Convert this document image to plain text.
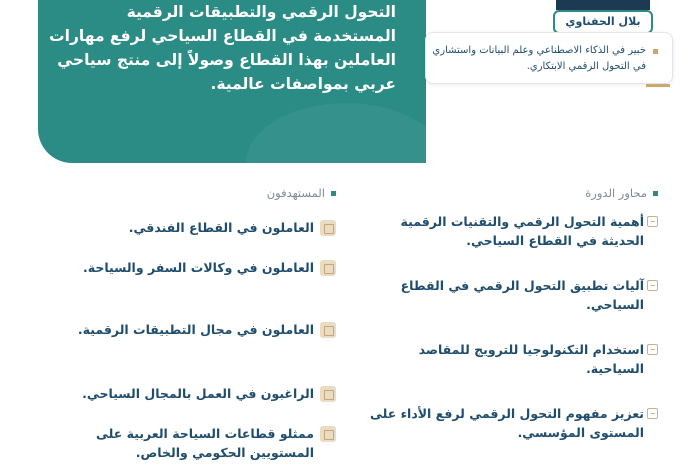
التحول الرقمي والتطبيقات الرقمية المستخدمة في القطاع السياحي لرفع مهارات العاملين بهذا القطاع وصولاً إلى منتج سياحي عربي بمواصفات عالمية.

بلال الحفناوي

خبير في الذكاء الاصطناعي وعلم البيانات واستشاري في التحول الرقمي الابتكاري.

محاور الدورة
المستهدفون
أهمية التحول الرقمي والتقنيات الرقمية الحديثة في القطاع السياحي.
آليات تطبيق التحول الرقمي في القطاع السياحي.
استخدام التكنولوجيا للترويج للمقاصد السياحية.
تعزيز مفهوم التحول الرقمي لرفع الأداء على المستوى المؤسسي.
العاملون في القطاع الفندقي.
العاملون في وكالات السفر والسياحة.
العاملون في مجال التطبيقات الرقمية.
الراغبون في العمل بالمجال السياحي.
ممثلو قطاعات السياحة العربية على المستويين الحكومي والخاص.
